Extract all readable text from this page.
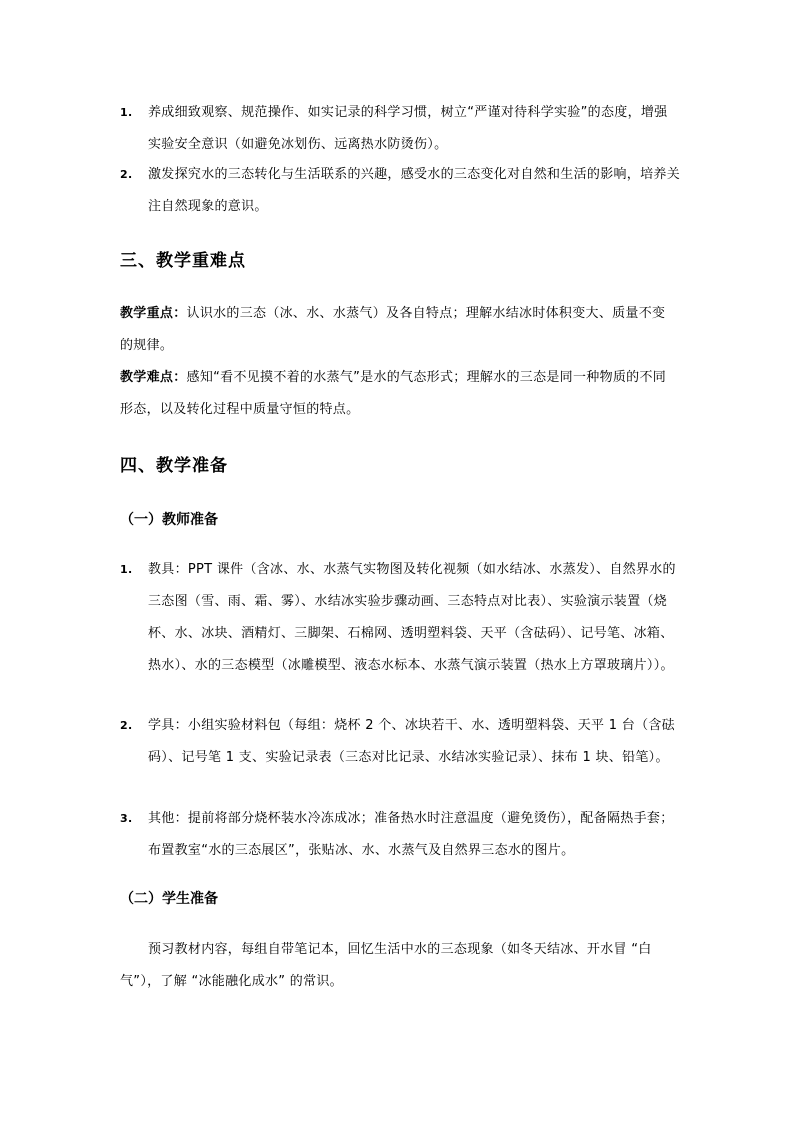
1.	养成细致观察、规范操作、如实记录的科学习惯，树立“严谨对待科学实验”的态度，增强实验安全意识（如避免冰划伤、远离热水防烫伤）。
2.	激发探究水的三态转化与生活联系的兴趣，感受水的三态变化对自然和生活的影响，培养关注自然现象的意识。
三、教学重难点
教学重点：认识水的三态（冰、水、水蒸气）及各自特点；理解水结冰时体积变大、质量不变的规律。
教学难点：感知“看不见摸不着的水蒸气”是水的气态形式；理解水的三态是同一种物质的不同形态，以及转化过程中质量守恒的特点。
四、教学准备
（一）教师准备
1.	教具：PPT 课件（含冰、水、水蒸气实物图及转化视频（如水结冰、水蒸发）、自然界水的三态图（雪、雨、霜、雾）、水结冰实验步骤动画、三态特点对比表）、实验演示装置（烧杯、水、冰块、酒精灯、三脚架、石棉网、透明塑料袋、天平（含砝码）、记号笔、冰箱、热水）、水的三态模型（冰雕模型、液态水标本、水蒸气演示装置（热水上方罩玻璃片））。
2.	学具：小组实验材料包（每组：烧杯 2 个、冰块若干、水、透明塑料袋、天平 1 台（含砝码）、记号笔 1 支、实验记录表（三态对比记录、水结冰实验记录）、抹布 1 块、铅笔）。
3.	其他：提前将部分烧杯装水冷冻成冰；准备热水时注意温度（避免烫伤），配备隔热手套；布置教室“水的三态展区”，张贴冰、水、水蒸气及自然界三态水的图片。
（二）学生准备
预习教材内容，每组自带笔记本，回忆生活中水的三态现象（如冬天结冰、开水冒 “白气”），了解 “冰能融化成水” 的常识。
